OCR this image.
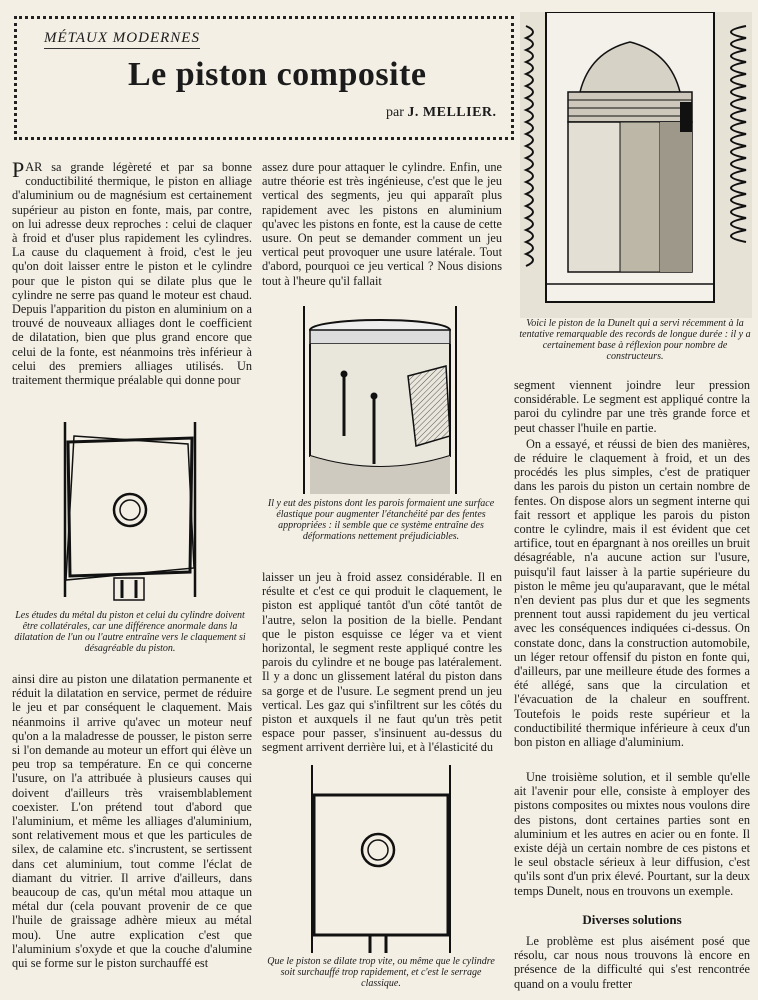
MÉTAUX MODERNES
Le piston composite
par J. MELLIER.

PAR sa grande légèreté et par sa bonne conductibilité thermique, le piston en alliage d'aluminium ou de magnésium est certainement supérieur au piston en fonte, mais, par contre, on lui adresse deux reproches : celui de claquer à froid et d'user plus rapidement les cylindres. La cause du claquement à froid, c'est le jeu qu'on doit laisser entre le piston et le cylindre pour que le piston qui se dilate plus que le cylindre ne serre pas quand le moteur est chaud. Depuis l'apparition du piston en aluminium on a trouvé de nouveaux alliages dont le coefficient de dilatation, bien que plus grand encore que celui de la fonte, est néanmoins très inférieur à celui des premiers alliages utilisés. Un traitement thermique préalable qui donne pour

Les études du métal du piston et celui du cylindre doivent être collatérales, car une différence anormale dans la dilatation de l'un ou l'autre entraîne vers le claquement si désagréable du piston.

ainsi dire au piston une dilatation permanente et réduit la dilatation en service, permet de réduire le jeu et par conséquent le claquement. Mais néanmoins il arrive qu'avec un moteur neuf qu'on a la maladresse de pousser, le piston serre si l'on demande au moteur un effort qui élève un peu trop sa température. En ce qui concerne l'usure, on l'a attribuée à plusieurs causes qui doivent d'ailleurs très vraisemblablement coexister. L'on prétend tout d'abord que l'aluminium, et même les alliages d'aluminium, sont relativement mous et que les particules de silex, de calamine etc. s'incrustent, se sertissent dans cet aluminium, tout comme l'éclat de diamant du vitrier. Il arrive d'ailleurs, dans beaucoup de cas, qu'un métal mou attaque un métal dur (cela pouvant provenir de ce que l'huile de graissage adhère mieux au métal mou). Une autre explication c'est que l'aluminium s'oxyde et que la couche d'alumine qui se forme sur le piston surchauffé est

assez dure pour attaquer le cylindre. Enfin, une autre théorie est très ingénieuse, c'est que le jeu vertical des segments, jeu qui apparaît plus rapidement avec les pistons en aluminium qu'avec les pistons en fonte, est la cause de cette usure. On peut se demander comment un jeu vertical peut provoquer une usure latérale. Tout d'abord, pourquoi ce jeu vertical ? Nous disions tout à l'heure qu'il fallait

Il y eut des pistons dont les parois formaient une surface élastique pour augmenter l'étanchéité par des fentes appropriées : il semble que ce système entraîne des déformations nettement préjudiciables.

laisser un jeu à froid assez considérable. Il en résulte et c'est ce qui produit le claquement, le piston est appliqué tantôt d'un côté tantôt de l'autre, selon la position de la bielle. Pendant que le piston esquisse ce léger va et vient horizontal, le segment reste appliqué contre les parois du cylindre et ne bouge pas latéralement. Il y a donc un glissement latéral du piston dans sa gorge et de l'usure. Le segment prend un jeu vertical. Les gaz qui s'infiltrent sur les côtés du piston et auxquels il ne faut qu'un très petit espace pour passer, s'insinuent au-dessus du segment arrivent derrière lui, et à l'élasticité du

Que le piston se dilate trop vite, ou même que le cylindre soit surchauffé trop rapidement, et c'est le serrage classique.
Voici le piston de la Dunelt qui a servi récemment à la tentative remarquable des records de longue durée : il y a certainement base à réflexion pour nombre de constructeurs.

segment viennent joindre leur pression considérable. Le segment est appliqué contre la paroi du cylindre par une très grande force et peut chasser l'huile en partie.

On a essayé, et réussi de bien des manières, de réduire le claquement à froid, et un des procédés les plus simples, c'est de pratiquer dans les parois du piston un certain nombre de fentes. On dispose alors un segment interne qui fait ressort et applique les parois du piston contre le cylindre, mais il est évident que cet artifice, tout en épargnant à nos oreilles un bruit désagréable, n'a aucune action sur l'usure, puisqu'il faut laisser à la partie supérieure du piston le même jeu qu'auparavant, que le métal n'en devient pas plus dur et que les segments prennent tout aussi rapidement du jeu vertical avec les conséquences indiquées ci-dessus. On constate donc, dans la construction automobile, un léger retour offensif du piston en fonte qui, d'ailleurs, par une meilleure étude des formes a été allégé, sans que la circulation et l'évacuation de la chaleur en souffrent. Toutefois le poids reste supérieur et la conductibilité thermique inférieure à ceux d'un bon piston en alliage d'aluminium.

Une troisième solution, et il semble qu'elle ait l'avenir pour elle, consiste à employer des pistons composites ou mixtes nous voulons dire des pistons, dont certaines parties sont en aluminium et les autres en acier ou en fonte. Il existe déjà un certain nombre de ces pistons et le seul obstacle sérieux à leur diffusion, c'est qu'ils sont d'un prix élevé. Pourtant, sur la deux temps Dunelt, nous en trouvons un exemple.

Diverses solutions

Le problème est plus aisément posé que résolu, car nous nous trouvons là encore en présence de la difficulté qui s'est rencontrée quand on a voulu fretter
